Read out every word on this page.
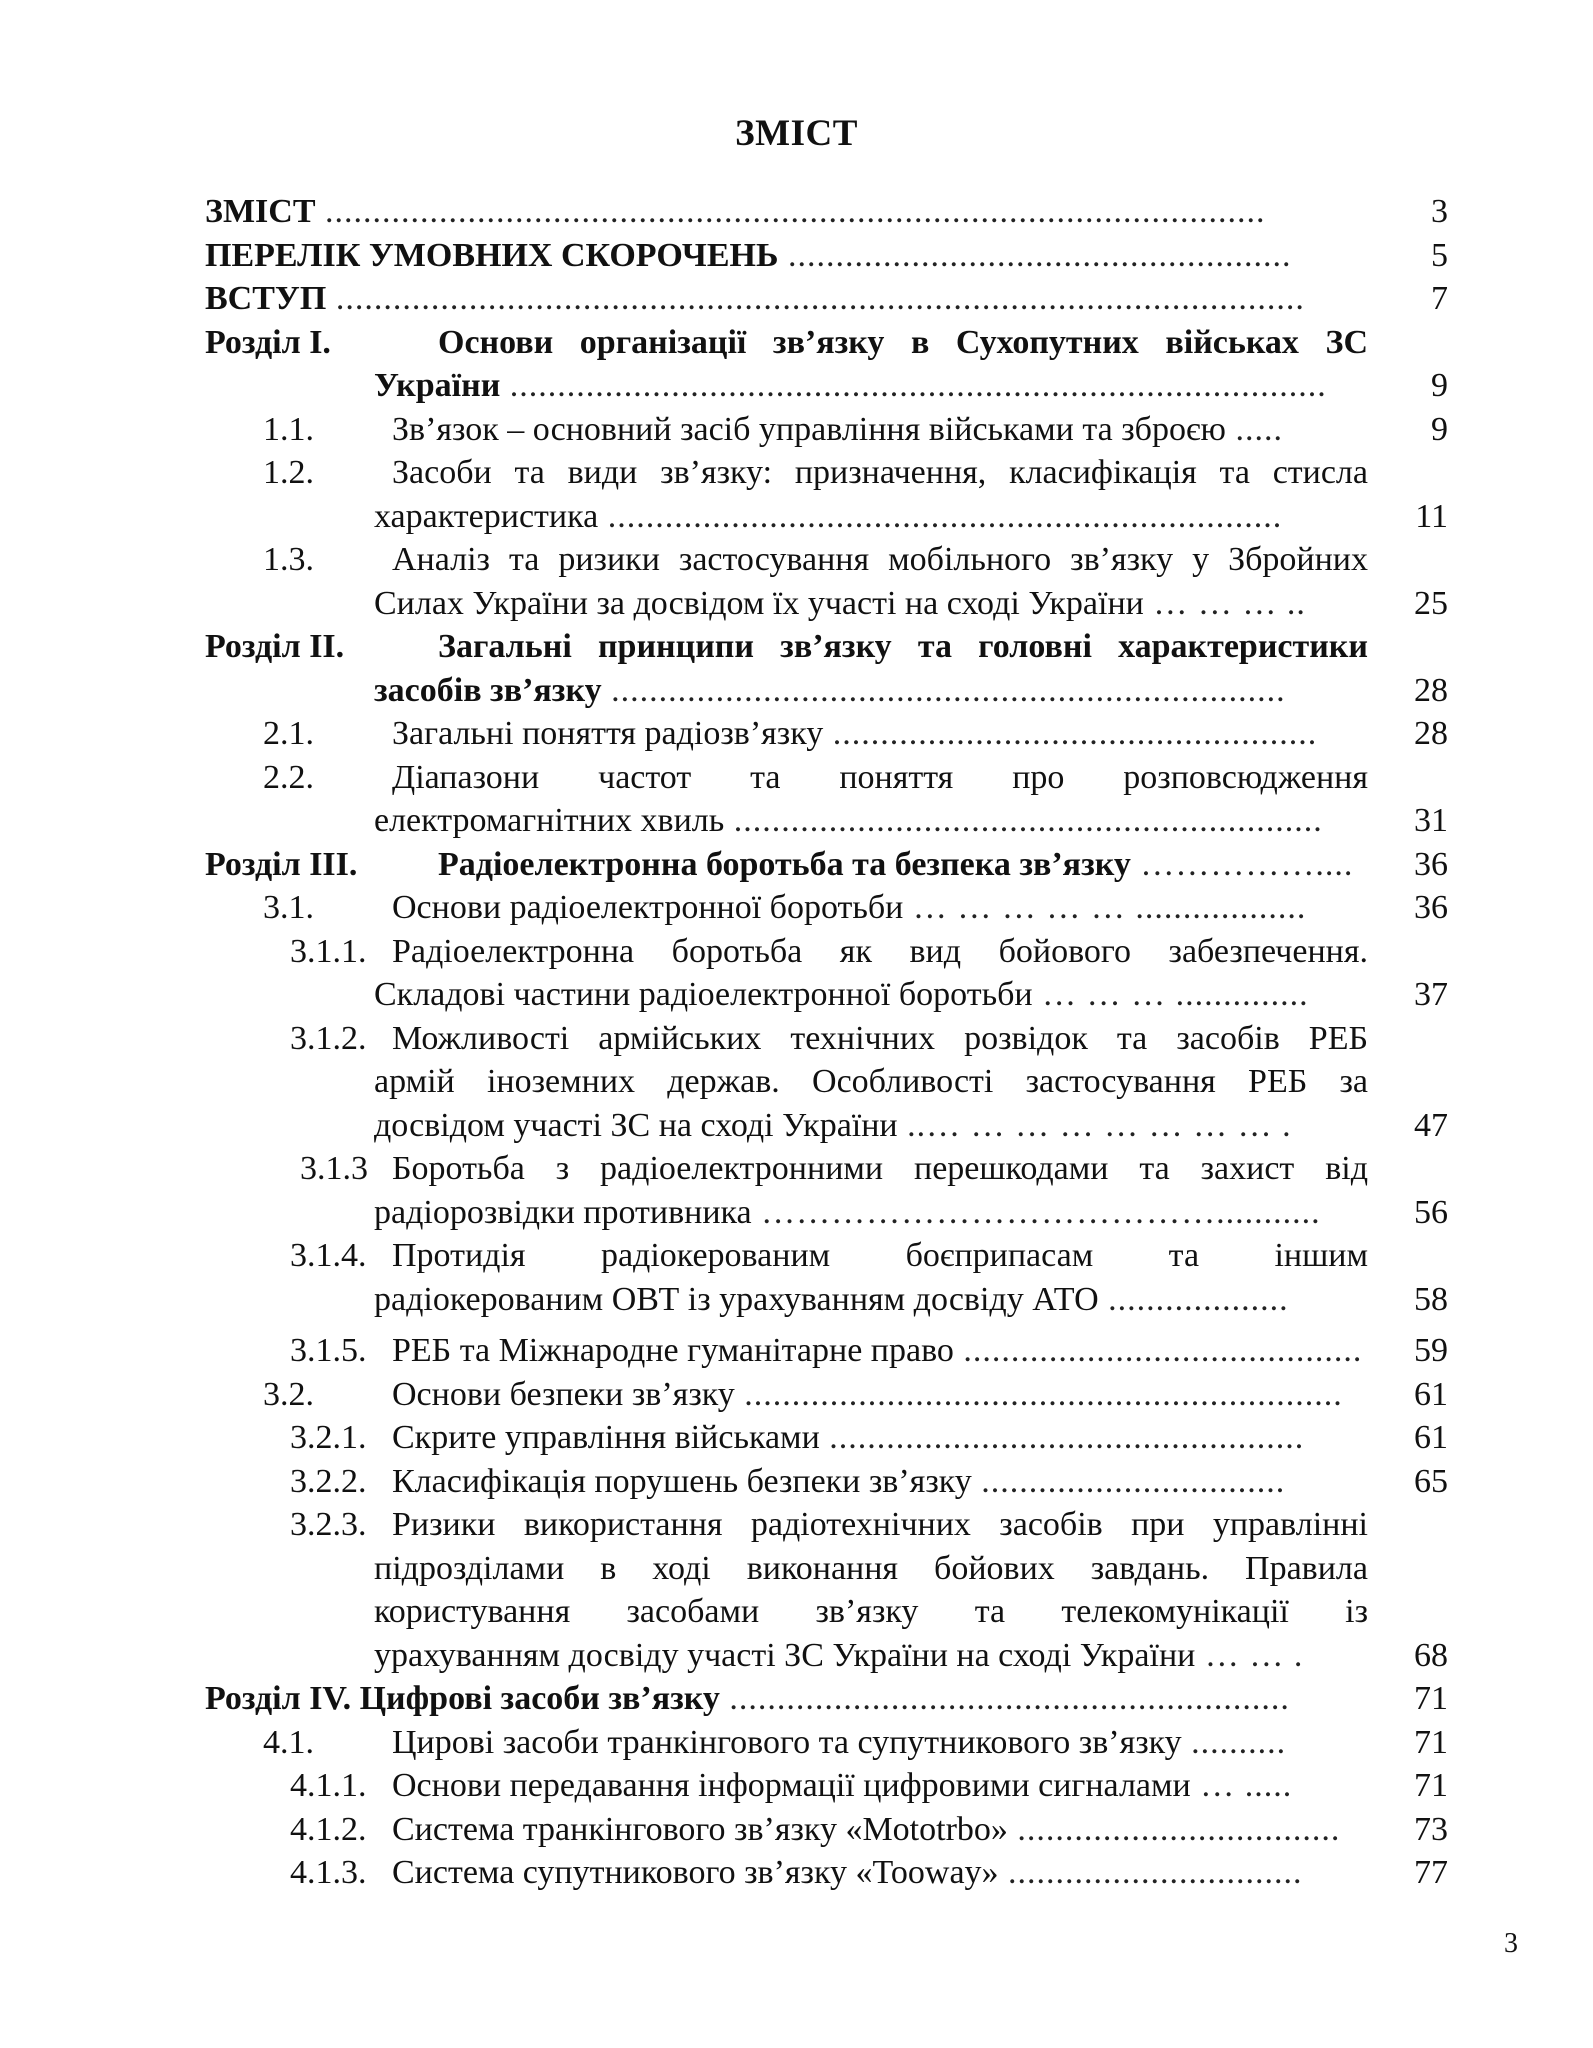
ЗМІСТ
ЗМІСТ ...................................................................................................	3
ПЕРЕЛІК УМОВНИХ СКОРОЧЕНЬ .....................................................	5
ВСТУП ......................................................................................................	7
Розділ І.	Основи організації зв’язку в Сухопутних військах ЗС
України ......................................................................................	9
1.1. Зв’язок – основний засіб управління військами та зброєю .....	9
1.2. Засоби та види зв’язку: призначення, класифікація та стисла
характеристика .......................................................................	11
1.3. Аналіз та ризики застосування мобільного зв’язку у Збройних
Силах України за досвідом їх участі на сході України … … … ..	25
Розділ ІІ.	Загальні принципи зв’язку та головні характеристики
засобів зв’язку .......................................................................	28
2.1. Загальні поняття радіозв’язку ...................................................	28
2.2. Діапазони частот та поняття про розповсюдження
електромагнітних хвиль ..............................................................	31
Розділ ІІІ. Радіоелектронна боротьба та безпека зв’язку ……………....	36
3.1. Основи радіоелектронної боротьби … … … … … ..................	36
3.1.1. Радіоелектронна боротьба як вид бойового забезпечення.
Складові частини радіоелектронної боротьби … … … ..............	37
3.1.2. Можливості армійських технічних розвідок та засобів РЕБ
армій іноземних держав. Особливості застосування РЕБ за
досвідом участі ЗС на сході України ..… … … … … … … … .	47
3.1.3 Боротьба з радіоелектронними перешкодами та захист від
радіорозвідки противника …………………………………...........	56
3.1.4. Протидія радіокерованим боєприпасам та іншим
радіокерованим ОВТ із урахуванням досвіду АТО ...................	58
3.1.5. РЕБ та Міжнародне гуманітарне право .......................................... 59
3.2. Основи безпеки зв’язку ...............................................................	61
3.2.1. Скрите управління військами ..................................................	61
3.2.2. Класифікація порушень безпеки зв’язку ................................	65
3.2.3. Ризики використання радіотехнічних засобів при управлінні
підрозділами в ході виконання бойових завдань. Правила
користування засобами зв’язку та телекомунікації із
урахуванням досвіду участі ЗС України на сході України … … .	68
Розділ IV. Цифрові засоби зв’язку ...........................................................	71
4.1. Цирові засоби транкінгового та супутникового зв’язку ..........	71
4.1.1. Основи передавання інформації цифровими сигналами … .....	71
4.1.2. Система транкінгового зв’язку «Mototrbo» ..................................	73
4.1.3. Система супутникового зв’язку «Tooway» ...............................	77
3
